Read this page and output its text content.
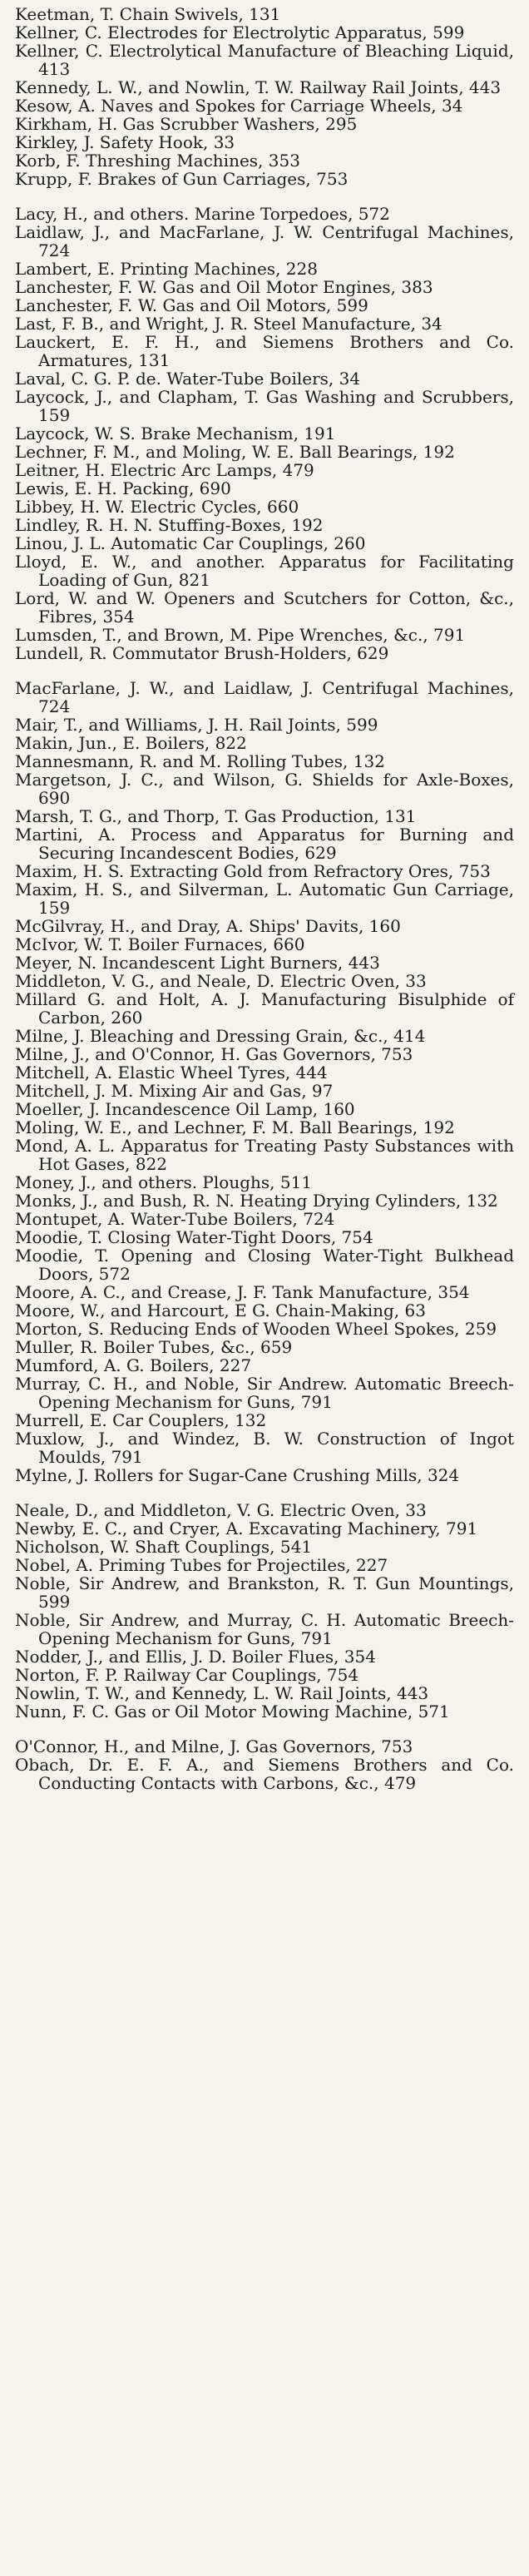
Keetman, T. Chain Swivels, 131

Kellner, C. Electrodes for Electrolytic Apparatus, 599

Kellner, C. Electrolytical Manufacture of Bleaching Liquid, 413

Kennedy, L. W., and Nowlin, T. W. Railway Rail Joints, 443

Kesow, A. Naves and Spokes for Carriage Wheels, 34

Kirkham, H. Gas Scrubber Washers, 295

Kirkley, J. Safety Hook, 33

Korb, F. Threshing Machines, 353

Krupp, F. Brakes of Gun Carriages, 753

Lacy, H., and others. Marine Torpedoes, 572

Laidlaw, J., and MacFarlane, J. W. Centrifugal Machines, 724

Lambert, E. Printing Machines, 228

Lanchester, F. W. Gas and Oil Motor Engines, 383

Lanchester, F. W. Gas and Oil Motors, 599

Last, F. B., and Wright, J. R. Steel Manufacture, 34

Lauckert, E. F. H., and Siemens Brothers and Co. Armatures, 131

Laval, C. G. P. de. Water-Tube Boilers, 34

Laycock, J., and Clapham, T. Gas Washing and Scrubbers, 159

Laycock, W. S. Brake Mechanism, 191

Lechner, F. M., and Moling, W. E. Ball Bearings, 192

Leitner, H. Electric Arc Lamps, 479

Lewis, E. H. Packing, 690

Libbey, H. W. Electric Cycles, 660

Lindley, R. H. N. Stuffing-Boxes, 192

Linou, J. L. Automatic Car Couplings, 260

Lloyd, E. W., and another. Apparatus for Facilitating Loading of Gun, 821

Lord, W. and W. Openers and Scutchers for Cotton, &c., Fibres, 354

Lumsden, T., and Brown, M. Pipe Wrenches, &c., 791

Lundell, R. Commutator Brush-Holders, 629

MacFarlane, J. W., and Laidlaw, J. Centrifugal Machines, 724

Mair, T., and Williams, J. H. Rail Joints, 599

Makin, Jun., E. Boilers, 822

Mannesmann, R. and M. Rolling Tubes, 132

Margetson, J. C., and Wilson, G. Shields for Axle-Boxes, 690

Marsh, T. G., and Thorp, T. Gas Production, 131

Martini, A. Process and Apparatus for Burning and Securing Incandescent Bodies, 629

Maxim, H. S. Extracting Gold from Refractory Ores, 753

Maxim, H. S., and Silverman, L. Automatic Gun Carriage, 159

McGilvray, H., and Dray, A. Ships' Davits, 160

McIvor, W. T. Boiler Furnaces, 660

Meyer, N. Incandescent Light Burners, 443

Middleton, V. G., and Neale, D. Electric Oven, 33

Millard G. and Holt, A. J. Manufacturing Bisulphide of Carbon, 260

Milne, J. Bleaching and Dressing Grain, &c., 414

Milne, J., and O'Connor, H. Gas Governors, 753

Mitchell, A. Elastic Wheel Tyres, 444

Mitchell, J. M. Mixing Air and Gas, 97

Moeller, J. Incandescence Oil Lamp, 160

Moling, W. E., and Lechner, F. M. Ball Bearings, 192

Mond, A. L. Apparatus for Treating Pasty Substances with Hot Gases, 822

Money, J., and others. Ploughs, 511

Monks, J., and Bush, R. N. Heating Drying Cylinders, 132

Montupet, A. Water-Tube Boilers, 724

Moodie, T. Closing Water-Tight Doors, 754

Moodie, T. Opening and Closing Water-Tight Bulkhead Doors, 572

Moore, A. C., and Crease, J. F. Tank Manufacture, 354

Moore, W., and Harcourt, E G. Chain-Making, 63

Morton, S. Reducing Ends of Wooden Wheel Spokes, 259

Muller, R. Boiler Tubes, &c., 659

Mumford, A. G. Boilers, 227

Murray, C. H., and Noble, Sir Andrew. Automatic Breech-Opening Mechanism for Guns, 791

Murrell, E. Car Couplers, 132

Muxlow, J., and Windez, B. W. Construction of Ingot Moulds, 791

Mylne, J. Rollers for Sugar-Cane Crushing Mills, 324

Neale, D., and Middleton, V. G. Electric Oven, 33

Newby, E. C., and Cryer, A. Excavating Machinery, 791

Nicholson, W. Shaft Couplings, 541

Nobel, A. Priming Tubes for Projectiles, 227

Noble, Sir Andrew, and Brankston, R. T. Gun Mountings, 599

Noble, Sir Andrew, and Murray, C. H. Automatic Breech-Opening Mechanism for Guns, 791

Nodder, J., and Ellis, J. D. Boiler Flues, 354

Norton, F. P. Railway Car Couplings, 754

Nowlin, T. W., and Kennedy, L. W. Rail Joints, 443

Nunn, F. C. Gas or Oil Motor Mowing Machine, 571

O'Connor, H., and Milne, J. Gas Governors, 753

Obach, Dr. E. F. A., and Siemens Brothers and Co. Conducting Contacts with Carbons, &c., 479
